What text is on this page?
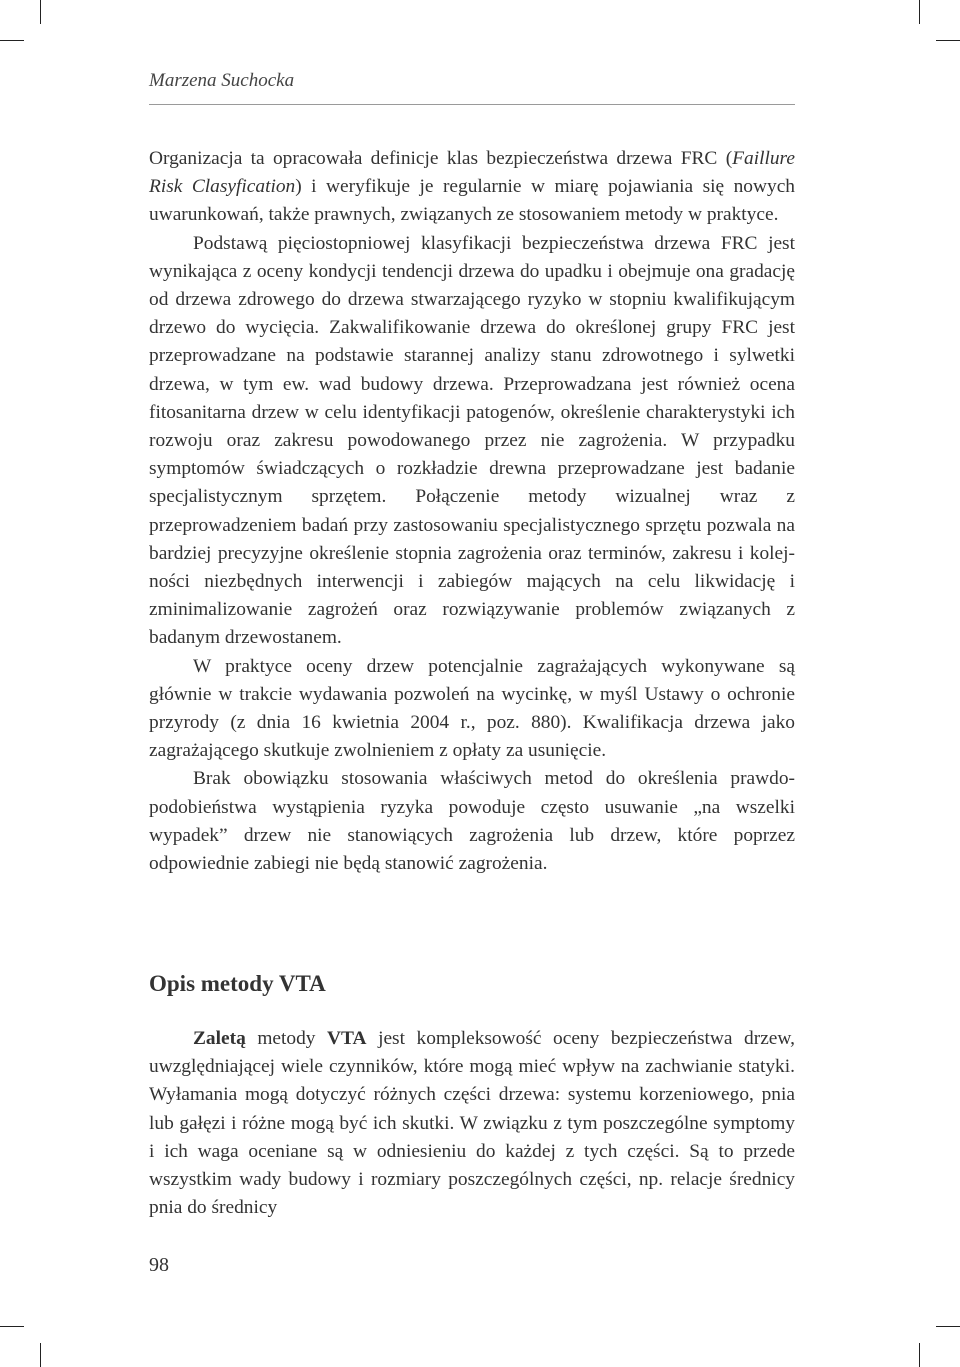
Marzena Suchocka

Organizacja ta opracowała definicje klas bezpieczeństwa drzewa FRC (Faillure Risk Clasyfication) i weryfikuje je regularnie w miarę pojawiania się nowych uwarunkowań, także prawnych, związanych ze stosowaniem metody w praktyce.

Podstawą pięciostopniowej klasyfikacji bezpieczeństwa drzewa FRC jest wynikająca z oceny kondycji tendencji drzewa do upadku i obejmuje ona gradację od drzewa zdrowego do drzewa stwarzającego ryzyko w stopniu kwalifikującym drzewo do wycięcia. Zakwalifikowanie drzewa do określonej grupy FRC jest przeprowadzane na podstawie starannej analizy stanu zdrowotnego i sylwetki drzewa, w tym ew. wad budowy drzewa. Przeprowadzana jest również ocena fitosanitarna drzew w celu identyfikacji patogenów, określenie charakterystyki ich rozwoju oraz zakresu powodowanego przez nie zagrożenia. W przypadku symptomów świadczących o rozkładzie drewna przeprowadzane jest badanie specjalistycznym sprzętem. Połączenie metody wizualnej wraz z przeprowadzeniem badań przy zastosowaniu specjalistycznego sprzętu pozwala na bardziej precyzyjne określenie stopnia zagrożenia oraz terminów, zakresu i kolejności niezbędnych interwencji i zabiegów mających na celu likwidację i zminimalizowanie zagrożeń oraz rozwiązywanie problemów związanych z badanym drzewostanem.

W praktyce oceny drzew potencjalnie zagrażających wykonywane są głównie w trakcie wydawania pozwoleń na wycinkę, w myśl Ustawy o ochronie przyrody (z dnia 16 kwietnia 2004 r., poz. 880). Kwalifikacja drzewa jako zagrażającego skutkuje zwolnieniem z opłaty za usunięcie.

Brak obowiązku stosowania właściwych metod do określenia prawdopodobieństwa wystąpienia ryzyka powoduje często usuwanie „na wszelki wypadek” drzew nie stanowiących zagrożenia lub drzew, które poprzez odpowiednie zabiegi nie będą stanowić zagrożenia.

Opis metody VTA

Zaletą metody VTA jest kompleksowość oceny bezpieczeństwa drzew, uwzględniającej wiele czynników, które mogą mieć wpływ na zachwianie statyki. Wyłamania mogą dotyczyć różnych części drzewa: systemu korzeniowego, pnia lub gałęzi i różne mogą być ich skutki. W związku z tym poszczególne symptomy i ich waga oceniane są w odniesieniu do każdej z tych części. Są to przede wszystkim wady budowy i rozmiary poszczególnych części, np. relacje średnicy pnia do średnicy

98
